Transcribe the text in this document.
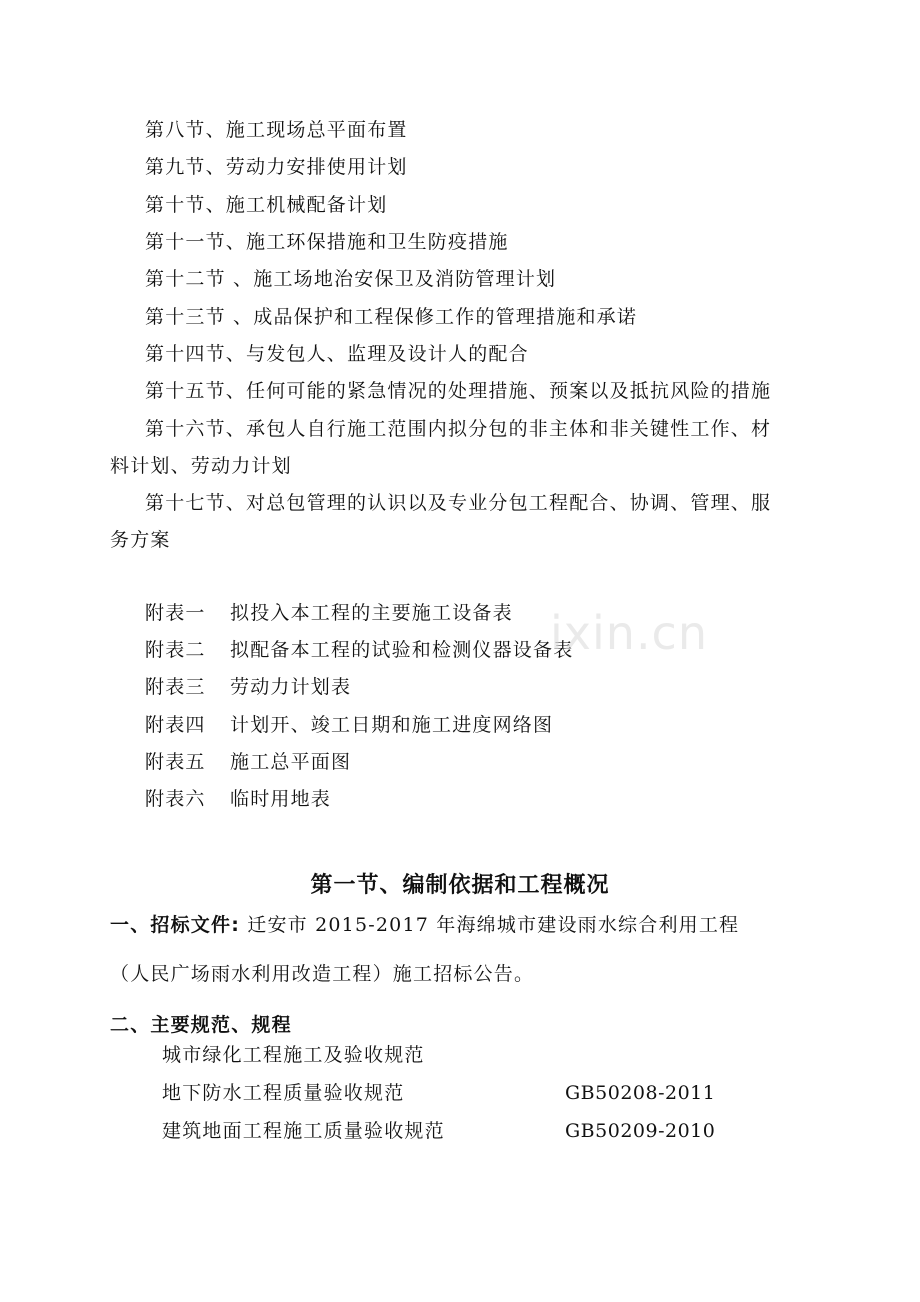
第八节、施工现场总平面布置
第九节、劳动力安排使用计划
第十节、施工机械配备计划
第十一节、施工环保措施和卫生防疫措施
第十二节 、施工场地治安保卫及消防管理计划
第十三节 、成品保护和工程保修工作的管理措施和承诺
第十四节、与发包人、监理及设计人的配合
第十五节、任何可能的紧急情况的处理措施、预案以及抵抗风险的措施
第十六节、承包人自行施工范围内拟分包的非主体和非关键性工作、材
料计划、劳动力计划
第十七节、对总包管理的认识以及专业分包工程配合、协调、管理、服
务方案
附表一 拟投入本工程的主要施工设备表
附表二 拟配备本工程的试验和检测仪器设备表
附表三 劳动力计划表
附表四 计划开、竣工日期和施工进度网络图
附表五 施工总平面图
附表六 临时用地表
ixin.cn
第一节、编制依据和工程概况
一、招标文件: 迁安市 2015-2017 年海绵城市建设雨水综合利用工程
（人民广场雨水利用改造工程）施工招标公告。
二、主要规范、规程
城市绿化工程施工及验收规范
地下防水工程质量验收规范	GB50208-2011
建筑地面工程施工质量验收规范	GB50209-2010
